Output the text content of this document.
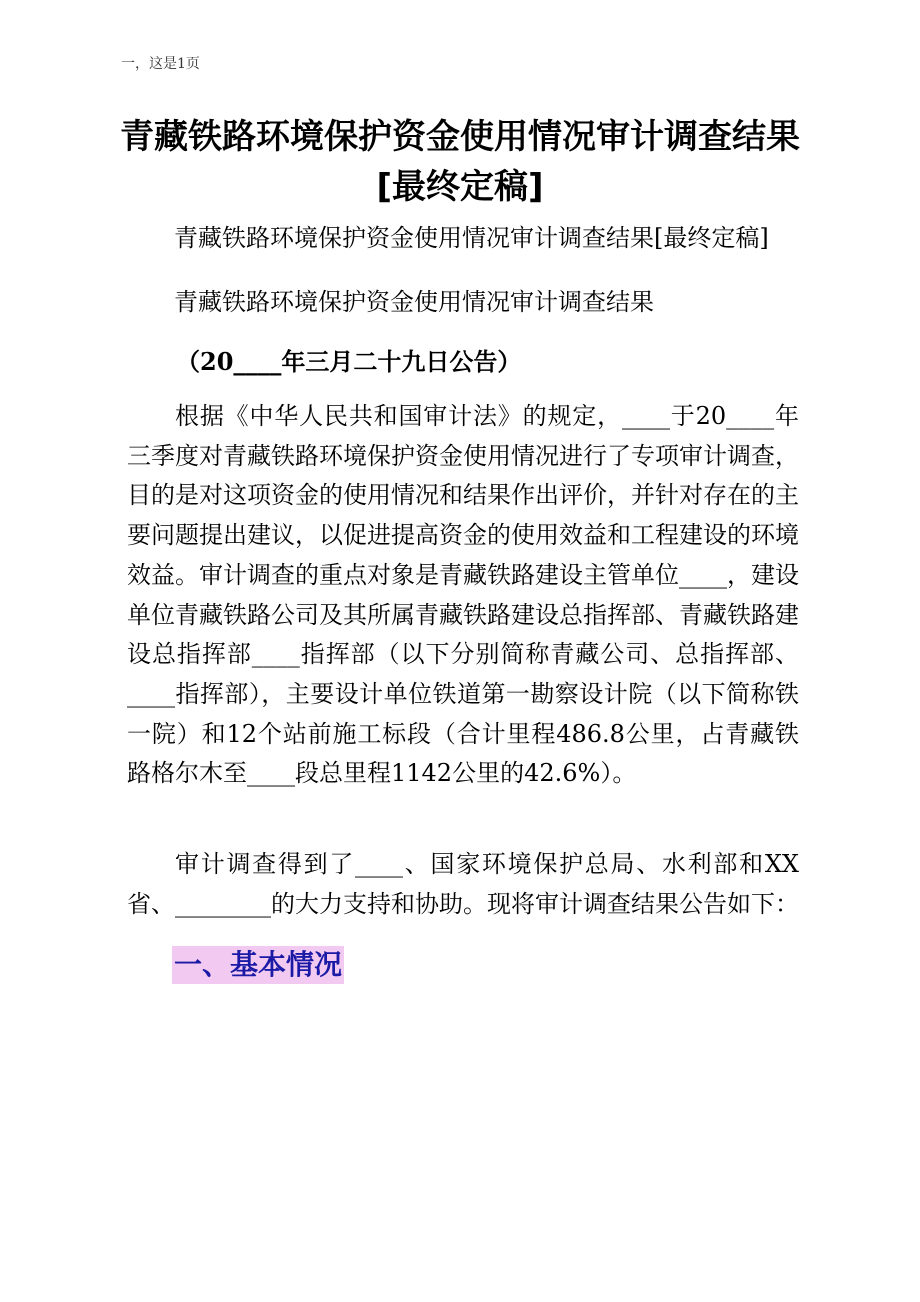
一，这是1页
青藏铁路环境保护资金使用情况审计调查结果[最终定稿]
青藏铁路环境保护资金使用情况审计调查结果[最终定稿]
青藏铁路环境保护资金使用情况审计调查结果
（20____年三月二十九日公告）
根据《中华人民共和国审计法》的规定，____于20____年三季度对青藏铁路环境保护资金使用情况进行了专项审计调查，目的是对这项资金的使用情况和结果作出评价，并针对存在的主要问题提出建议，以促进提高资金的使用效益和工程建设的环境效益。审计调查的重点对象是青藏铁路建设主管单位____，建设单位青藏铁路公司及其所属青藏铁路建设总指挥部、青藏铁路建设总指挥部____指挥部（以下分别简称青藏公司、总指挥部、____指挥部），主要设计单位铁道第一勘察设计院（以下简称铁一院）和12个站前施工标段（合计里程486.8公里，占青藏铁路格尔木至____段总里程1142公里的42.6%）。
审计调查得到了____、国家环境保护总局、水利部和XX省、________的大力支持和协助。现将审计调查结果公告如下：
一、基本情况
